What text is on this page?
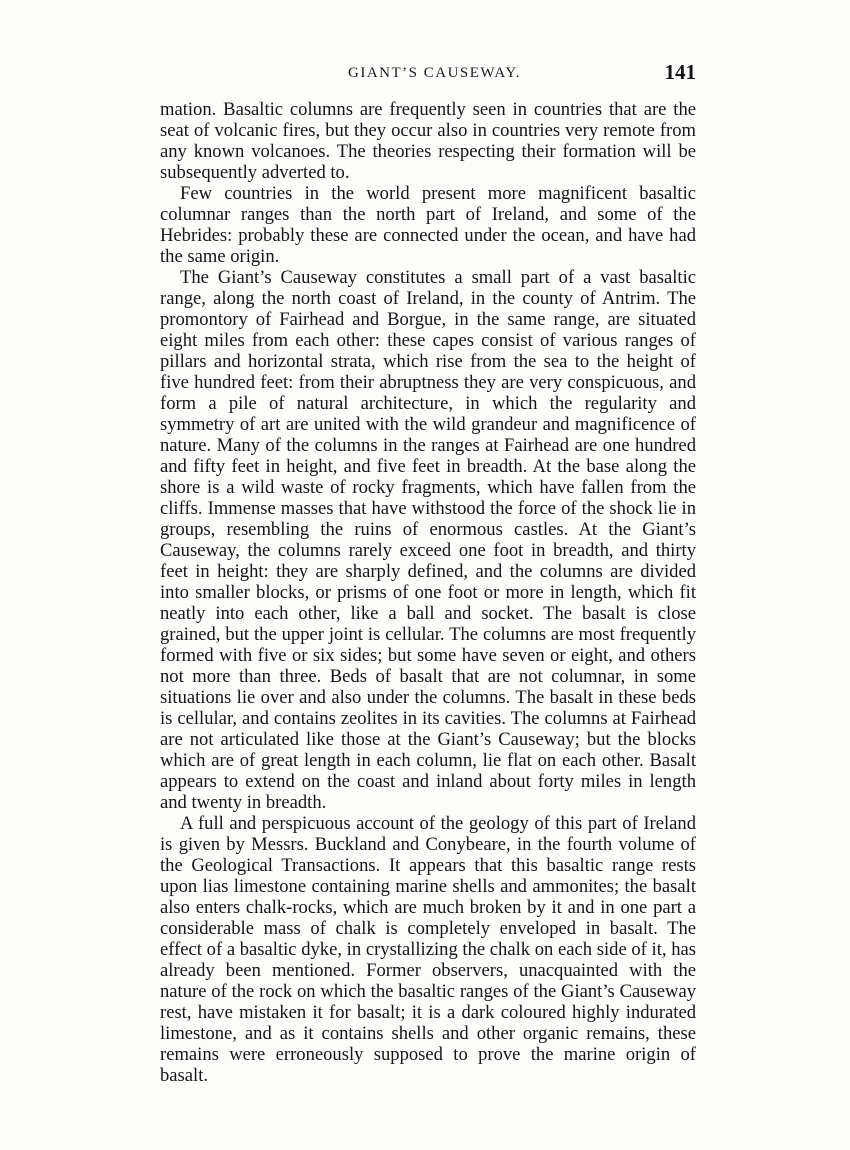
GIANT’S CAUSEWAY.	141

mation. Basaltic columns are frequently seen in countries that are the seat of volcanic fires, but they occur also in countries very remote from any known volcanoes. The theories respecting their formation will be subsequently adverted to.

Few countries in the world present more magnificent basaltic columnar ranges than the north part of Ireland, and some of the Hebrides: probably these are connected under the ocean, and have had the same origin.

The Giant’s Causeway constitutes a small part of a vast basaltic range, along the north coast of Ireland, in the county of Antrim. The promontory of Fairhead and Borgue, in the same range, are situated eight miles from each other: these capes consist of various ranges of pillars and horizontal strata, which rise from the sea to the height of five hundred feet: from their abruptness they are very conspicuous, and form a pile of natural architecture, in which the regularity and symmetry of art are united with the wild grandeur and magnificence of nature. Many of the columns in the ranges at Fairhead are one hundred and fifty feet in height, and five feet in breadth. At the base along the shore is a wild waste of rocky fragments, which have fallen from the cliffs. Immense masses that have withstood the force of the shock lie in groups, resembling the ruins of enormous castles. At the Giant’s Causeway, the columns rarely exceed one foot in breadth, and thirty feet in height: they are sharply defined, and the columns are divided into smaller blocks, or prisms of one foot or more in length, which fit neatly into each other, like a ball and socket. The basalt is close grained, but the upper joint is cellular. The columns are most frequently formed with five or six sides; but some have seven or eight, and others not more than three. Beds of basalt that are not columnar, in some situations lie over and also under the columns. The basalt in these beds is cellular, and contains zeolites in its cavities. The columns at Fairhead are not articulated like those at the Giant’s Causeway; but the blocks which are of great length in each column, lie flat on each other. Basalt appears to extend on the coast and inland about forty miles in length and twenty in breadth.

A full and perspicuous account of the geology of this part of Ireland is given by Messrs. Buckland and Conybeare, in the fourth volume of the Geological Transactions. It appears that this basaltic range rests upon lias limestone containing marine shells and ammonites; the basalt also enters chalk-rocks, which are much broken by it and in one part a considerable mass of chalk is completely enveloped in basalt. The effect of a basaltic dyke, in crystallizing the chalk on each side of it, has already been mentioned. Former observers, unacquainted with the nature of the rock on which the basaltic ranges of the Giant’s Causeway rest, have mistaken it for basalt; it is a dark coloured highly indurated limestone, and as it contains shells and other organic remains, these remains were erroneously supposed to prove the marine origin of basalt.
